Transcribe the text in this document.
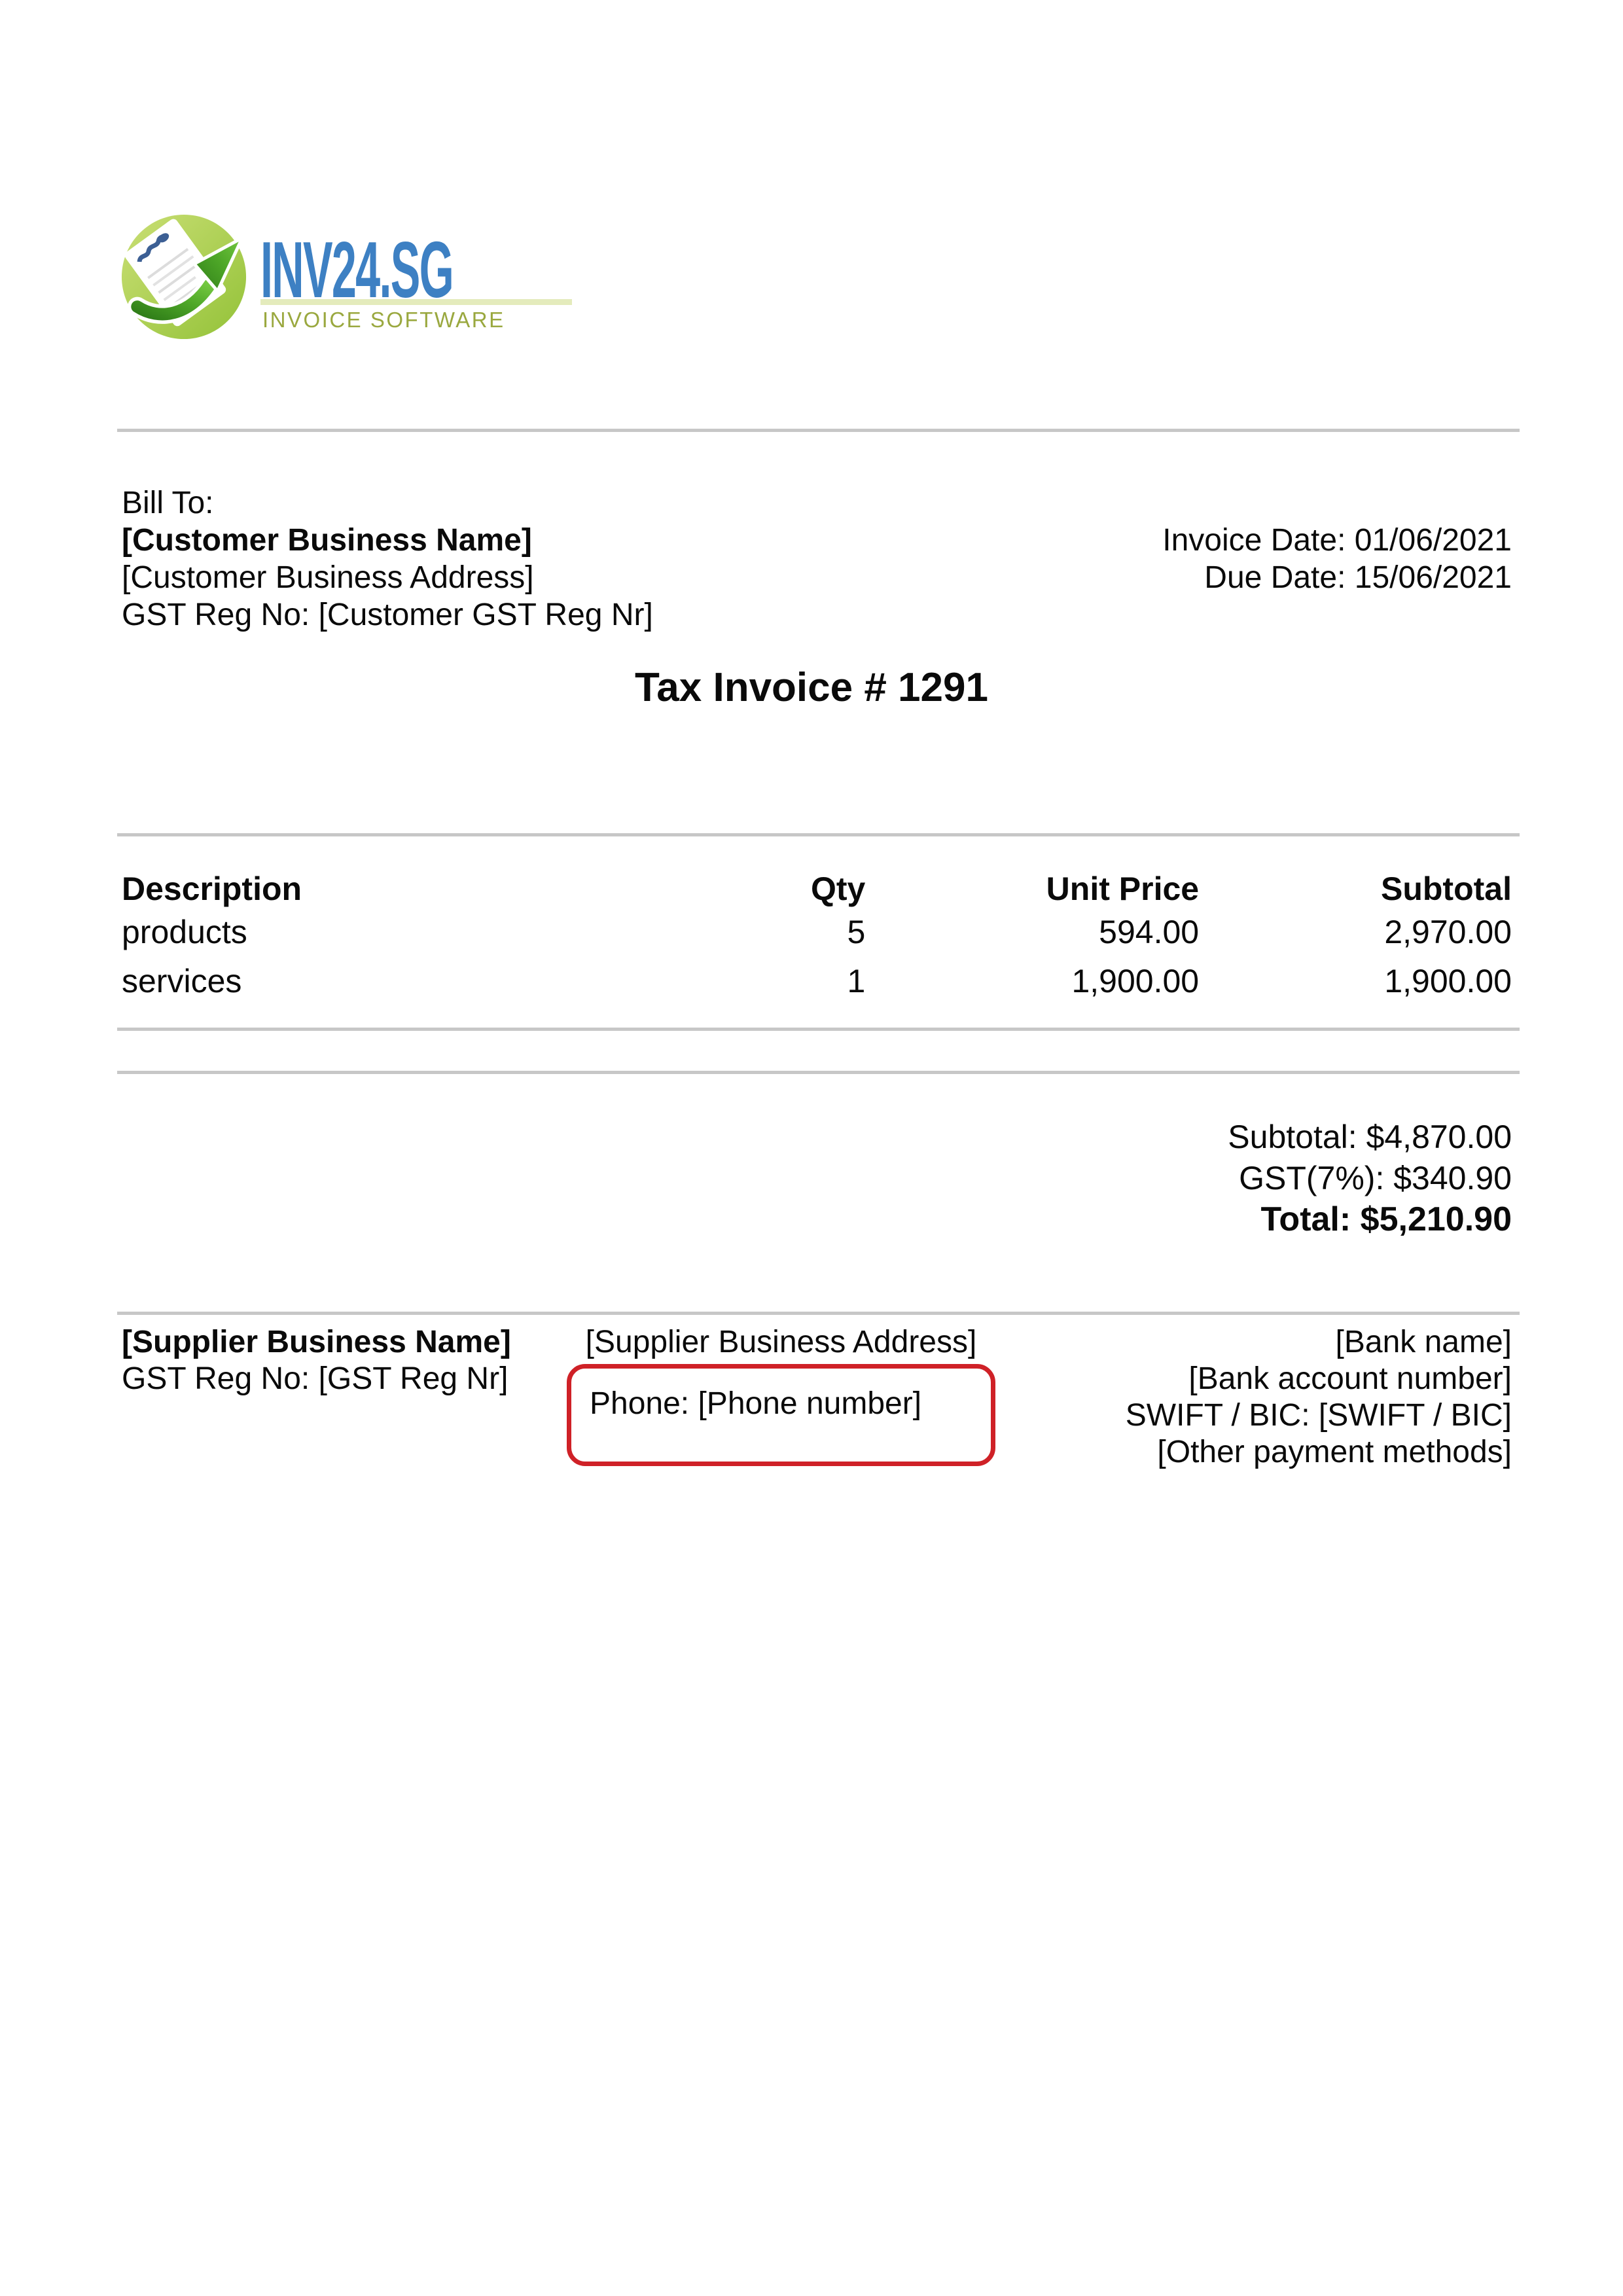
INV24.SG
INVOICE SOFTWARE
Bill To:
[Customer Business Name]
[Customer Business Address]
GST Reg No: [Customer GST Reg Nr]
Invoice Date: 01/06/2021
Due Date: 15/06/2021
Tax Invoice # 1291
Description	Qty	Unit Price	Subtotal
products	5	594.00	2,970.00
services	1	1,900.00	1,900.00
Subtotal: $4,870.00
GST(7%): $340.90
Total: $5,210.90
[Supplier Business Name]
GST Reg No: [GST Reg Nr]
[Supplier Business Address]
Phone: [Phone number]
[Bank name]
[Bank account number]
SWIFT / BIC: [SWIFT / BIC]
[Other payment methods]
